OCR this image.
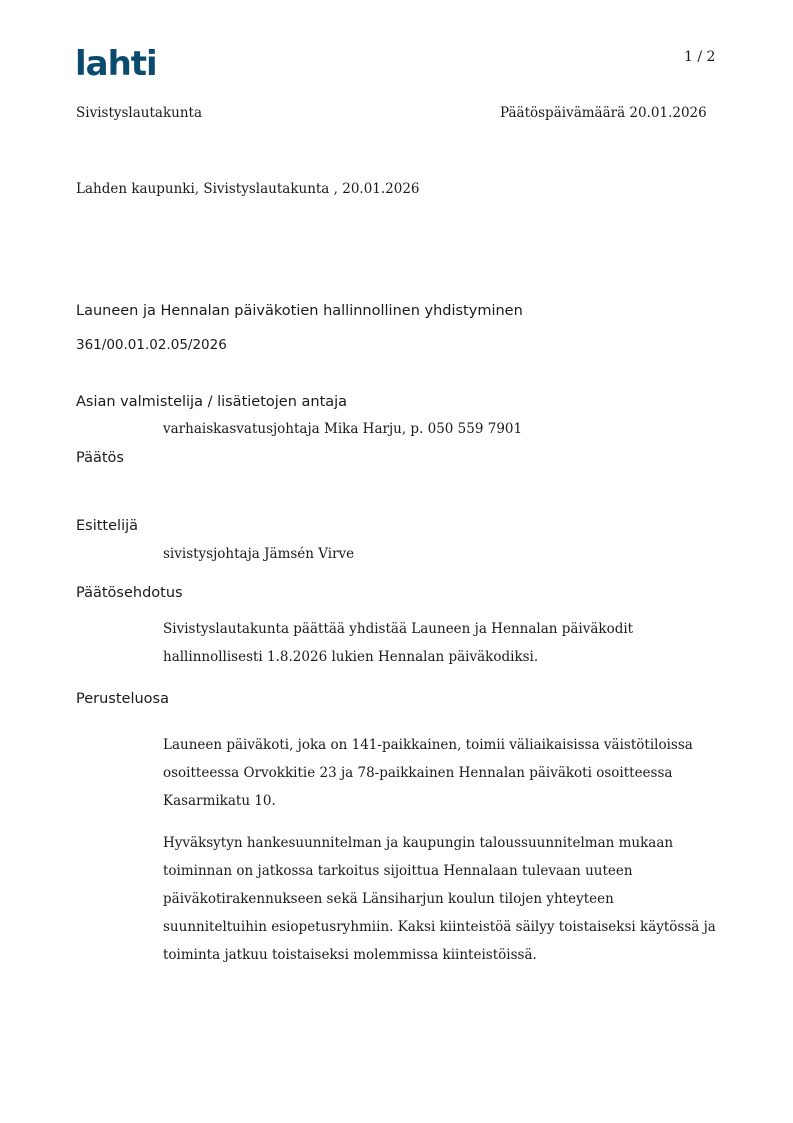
lahti	1 / 2
Sivistyslautakunta	Päätöspäivämäärä 20.01.2026
Lahden kaupunki, Sivistyslautakunta , 20.01.2026
Launeen ja Hennalan päiväkotien hallinnollinen yhdistyminen
361/00.01.02.05/2026
Asian valmistelija / lisätietojen antaja
varhaiskasvatusjohtaja Mika Harju, p. 050 559 7901
Päätös
Esittelijä
sivistysjohtaja Jämsén Virve
Päätösehdotus

Sivistyslautakunta päättää yhdistää Launeen ja Hennalan päiväkodit

hallinnollisesti 1.8.2026 lukien Hennalan päiväkodiksi.

Perusteluosa

Launeen päiväkoti, joka on 141-paikkainen, toimii väliaikaisissa väistötiloissa

osoitteessa Orvokkitie 23 ja 78-paikkainen Hennalan päiväkoti osoitteessa

Kasarmikatu 10.

Hyväksytyn hankesuunnitelman ja kaupungin taloussuunnitelman mukaan

toiminnan on jatkossa tarkoitus sijoittua Hennalaan tulevaan uuteen

päiväkotirakennukseen sekä Länsiharjun koulun tilojen yhteyteen

suunniteltuihin esiopetusryhmiin. Kaksi kiinteistöä säilyy toistaiseksi käytössä ja

toiminta jatkuu toistaiseksi molemmissa kiinteistöissä.
